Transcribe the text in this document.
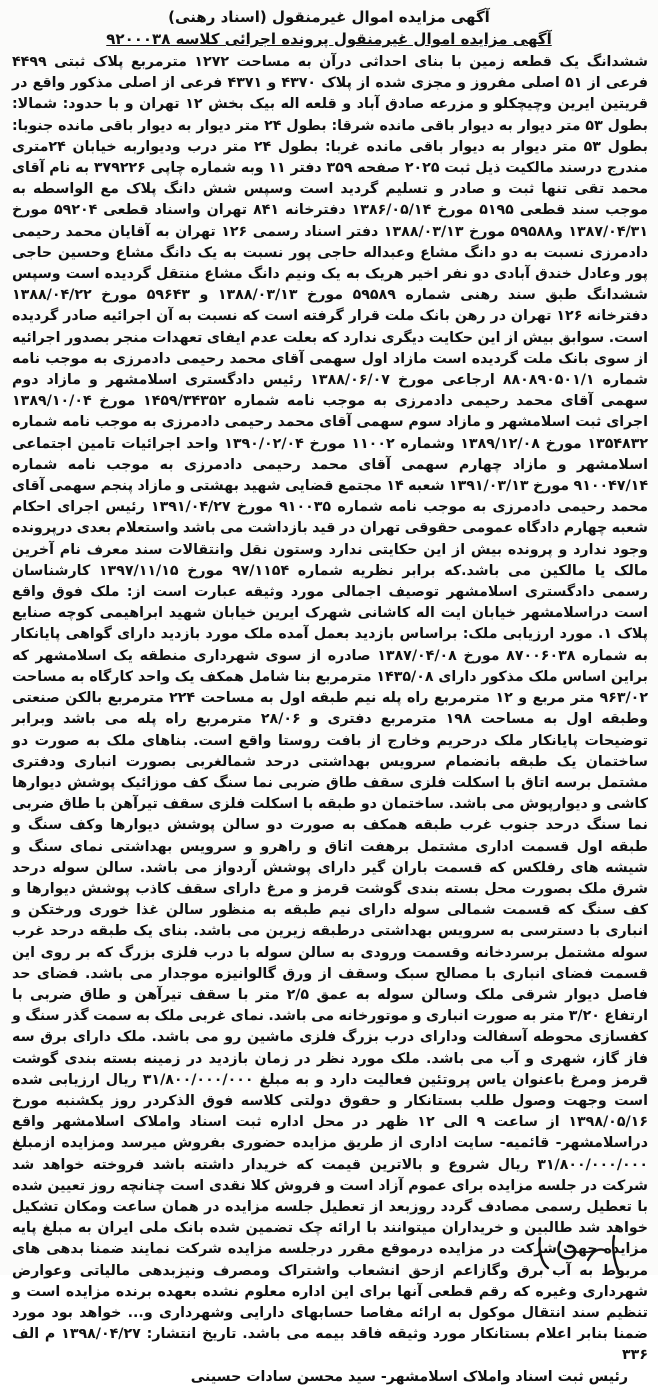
آگهی مزایده اموال غیرمنقول (اسناد رهنی)
آگهی مزایده اموال غیرمنقول پرونده اجرائی کلاسه ۹۲۰۰۰۳۸

ششدانگ یک قطعه زمین با بنای احداثی درآن به مساحت ۱۲۷۲ مترمربع پلاک ثبتی ۴۴۹۹ فرعی از ۵۱ اصلی مفروز و مجزی شده از پلاک ۴۳۷۰ و ۴۳۷۱ فرعی از اصلی مذکور واقع در قریتین ایرین وچیچکلو و مزرعه صادق آباد و قلعه اله بیک بخش ۱۲ تهران و با حدود: شمالا: بطول ۵۳ متر دیوار به دیوار باقی مانده شرقا: بطول ۲۴ متر دیوار به دیوار باقی مانده جنوبا: بطول ۵۳ متر دیوار به دیوار باقی مانده غربا: بطول ۲۴ متر درب ودیواربه خیابان ۲۴متری مندرج درسند مالکیت ذیل ثبت ۲۰۲۵ صفحه ۳۵۹ دفتر ۱۱ وبه شماره چاپی ۳۷۹۲۲۶ به نام آقای محمد تقی تنها ثبت و صادر و تسلیم گردید است وسپس شش دانگ پلاک مع الواسطه به موجب سند قطعی ۵۱۹۵ مورخ ۱۳۸۶/۰۵/۱۴ دفترخانه ۸۴۱ تهران واسناد قطعی ۵۹۲۰۴ مورخ ۱۳۸۷/۰۴/۳۱ و۵۹۵۸۸ مورخ ۱۳۸۸/۰۳/۱۳ دفتر اسناد رسمی ۱۲۶ تهران به آقایان محمد رحیمی دادمرزی نسبت به دو دانگ مشاع وعبداله حاجی پور نسبت به یک دانگ مشاع وحسین حاجی پور وعادل خندق آبادی دو نفر اخیر هریک به یک ونیم دانگ مشاع منتقل گردیده است وسپس ششدانگ طبق سند رهنی شماره ۵۹۵۸۹ مورخ ۱۳۸۸/۰۳/۱۳ و ۵۹۶۴۳ مورخ ۱۳۸۸/۰۴/۲۲ دفترخانه ۱۲۶ تهران در رهن بانک ملت قرار گرفته است که نسبت به آن اجرائیه صادر گردیده است. سوابق بیش از این حکایت دیگری ندارد که بعلت عدم ایفای تعهدات منجر بصدور اجرائیه از سوی بانک ملت گردیده است مازاد اول سهمی آقای محمد رحیمی دادمرزی به موجب نامه شماره ۸۸۰۸۹۰۵۰۱/۱ ارجاعی مورخ ۱۳۸۸/۰۶/۰۷ رئیس دادگستری اسلامشهر و مازاد دوم سهمی آقای محمد رحیمی دادمرزی به موجب نامه شماره ۱۴۵۹/۳۴۳۵۲ مورخ ۱۳۸۹/۱۰/۰۴ اجرای ثبت اسلامشهر و مازاد سوم سهمی آقای محمد رحیمی دادمرزی به موجب نامه شماره ۱۳۵۴۸۳۲ مورخ ۱۳۸۹/۱۲/۰۸ وشماره ۱۱۰۰۲ مورخ ۱۳۹۰/۰۲/۰۴ واحد اجرائیات تامین اجتماعی اسلامشهر و مازاد چهارم سهمی آقای محمد رحیمی دادمرزی به موجب نامه شماره ۹۱۰۰۴۷/۱۴ مورخ ۱۳۹۱/۰۳/۱۳ شعبه ۱۴ مجتمع قضایی شهید بهشتی و مازاد پنجم سهمی آقای محمد رحیمی دادمرزی به موجب نامه شماره ۹۱۰۰۳۵ مورخ ۱۳۹۱/۰۴/۲۷ رئیس اجرای احکام شعبه چهارم دادگاه عمومی حقوقی تهران در قید بازداشت می باشد واستعلام بعدی درپرونده وجود ندارد و پرونده بیش از این حکایتی ندارد وستون نقل وانتقالات سند معرف نام آخرین مالک یا مالکین می باشد.که برابر نظریه شماره ۹۷/۱۱۵۴ مورخ ۱۳۹۷/۱۱/۱۵ کارشناسان رسمی دادگستری اسلامشهر توصیف اجمالی مورد وثیقه عبارت است از: ملک فوق واقع است دراسلامشهر خیابان ایت اله کاشانی شهرک ایرین خیابان شهید ابراهیمی کوچه صنایع پلاک ۱. مورد ارزیابی ملک: براساس بازدید بعمل آمده ملک مورد بازدید دارای گواهی پایانکار به شماره ۸۷۰۰۶۰۳۸ مورخ ۱۳۸۷/۰۴/۰۸ صادره از سوی شهرداری منطقه یک اسلامشهر که براین اساس ملک مذکور دارای ۱۴۳۵/۰۸ مترمربع بنا شامل همکف یک واحد کارگاه به مساحت ۹۶۳/۰۲ متر مربع و ۱۲ مترمربع راه پله نیم طبقه اول به مساحت ۲۲۴ مترمربع بالکن صنعتی وطبقه اول به مساحت ۱۹۸ مترمربع دفتری و ۲۸/۰۶ مترمربع راه پله می باشد وبرابر توضیحات پایانکار ملک درحریم وخارج از بافت روستا واقع است. بناهای ملک به صورت دو ساختمان یک طبقه بانضمام سرویس بهداشتی درحد شمالغربی بصورت انباری ودفتری مشتمل برسه اتاق با اسکلت فلزی سقف طاق ضربی نما سنگ کف موزائیک پوشش دیوارها کاشی و دیوارپوش می باشد. ساختمان دو طبقه با اسکلت فلزی سقف تیرآهن با طاق ضربی نما سنگ درحد جنوب غرب طبقه همکف به صورت دو سالن پوشش دیوارها وکف سنگ و طبقه اول قسمت اداری مشتمل برهفت اتاق و راهرو و سرویس بهداشتی نمای سنگ و شیشه های رفلکس که قسمت باران گیر دارای پوشش آردواز می باشد. سالن سوله درحد شرق ملک بصورت محل بسته بندی گوشت قرمز و مرغ دارای سقف کاذب پوشش دیوارها و کف سنگ که قسمت شمالی سوله دارای نیم طبقه به منظور سالن غذا خوری ورختکن و انباری با دسترسی به سرویس بهداشتی درطبقه زیرین می باشد. بنای یک طبقه درحد غرب سوله مشتمل برسردخانه وقسمت ورودی به سالن سوله با درب فلزی بزرگ که بر روی این قسمت فضای انباری با مصالح سبک وسقف از ورق گالوانیزه موجدار می باشد. فضای حد فاصل دیوار شرقی ملک وسالن سوله به عمق ۲/۵ متر با سقف تیرآهن و طاق ضربی با ارتفاع ۳/۲۰ متر به صورت انباری و موتورخانه می باشد. نمای غربی ملک به سمت گذر سنگ و کفسازی محوطه آسفالت ودارای درب بزرگ فلزی ماشین رو می باشد. ملک دارای برق سه فاز گاز، شهری و آب می باشد. ملک مورد نظر در زمان بازدید در زمینه بسته بندی گوشت قرمز ومرغ باعنوان یاس پروتئین فعالیت دارد و به مبلغ ۳۱/۸۰۰/۰۰۰/۰۰۰ ریال ارزیابی شده است وجهت وصول طلب بستانکار و حقوق دولتی کلاسه فوق الذکردر روز یکشنبه مورخ ۱۳۹۸/۰۵/۱۶ از ساعت ۹ الی ۱۲ ظهر در محل اداره ثبت اسناد واملاک اسلامشهر واقع دراسلامشهر- قائمیه- سایت اداری از طریق مزایده حضوری بفروش میرسد ومزایده ازمبلغ ۳۱/۸۰۰/۰۰۰/۰۰۰ ریال شروع و بالاترین قیمت که خریدار داشته باشد فروخته خواهد شد شرکت در جلسه مزایده برای عموم آزاد است و فروش کلا نقدی است چنانچه روز تعیین شده با تعطیل رسمی مصادف گردد روزبعد از تعطیل جلسه مزایده در همان ساعت ومکان تشکیل خواهد شد طالبین و خریداران میتوانند با ارائه چک تضمین شده بانک ملی ایران به مبلغ پایه مزایده جهت شرکت در مزایده درموقع مقرر درجلسه مزایده شرکت نمایند ضمنا بدهی های مربوط به آب برق وگازاعم ازحق انشعاب واشتراک ومصرف ونیزبدهی مالیاتی وعوارض شهرداری وغیره که رقم قطعی آنها برای این اداره معلوم نشده بعهده برنده مزایده است و تنظیم سند انتقال موکول به ارائه مفاصا حسابهای دارایی وشهرداری و... خواهد بود مورد ضمنا بنابر اعلام بستانکار مورد وثیقه فاقد بیمه می باشد. تاریخ انتشار: ۱۳۹۸/۰۴/۲۷ م الف ۳۳۶

رئیس ثبت اسناد واملاک اسلامشهر- سید محسن سادات حسینی
